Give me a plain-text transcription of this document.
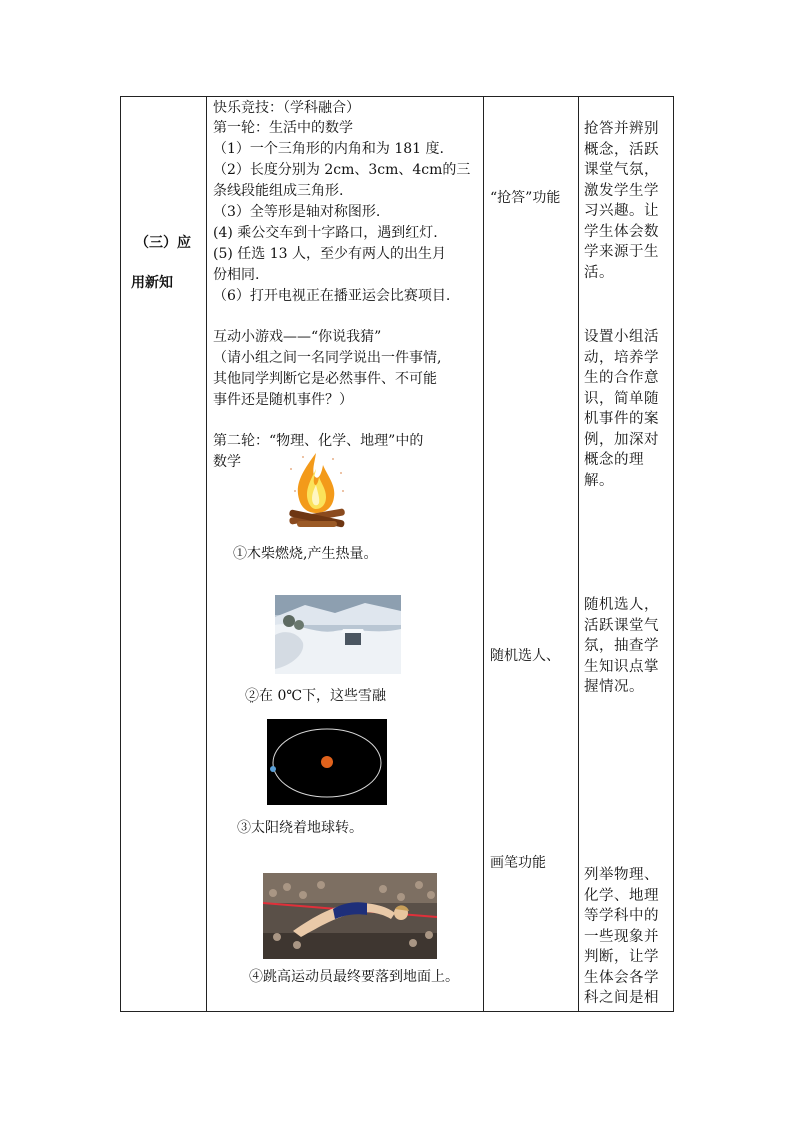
（三）应
用新知
快乐竞技：（学科融合）
第一轮：生活中的数学
（1）一个三角形的内角和为 181 度.
（2）长度分别为 2cm、3cm、4cm的三
条线段能组成三角形.
（3）全等形是轴对称图形.
(4) 乘公交车到十字路口，遇到红灯.
(5) 任选 13 人，至少有两人的出生月
份相同.
（6）打开电视正在播亚运会比赛项目.
互动小游戏——“你说我猜”
（请小组之间一名同学说出一件事情,
其他同学判断它是必然事件、不可能
事件还是随机事件？）
第二轮：“物理、化学、地理”中的
数学
①木柴燃烧,产生热量。
②在 0℃下，这些雪融
¨
③太阳绕着地球转。
④跳高运动员最终要落到地面上。
“抢答”功能
随机选人、
画笔功能
抢答并辨别
概念，活跃
课堂气氛，
激发学生学
习兴趣。让
学生体会数
学来源于生
活。
设置小组活
动，培养学
生的合作意
识，简单随
机事件的案
例，加深对
概念的理解。
随机选人，
活跃课堂气
氛，抽查学
生知识点掌
握情况。
列举物理、
化学、地理
等学科中的
一些现象并
判断，让学
生体会各学
科之间是相
